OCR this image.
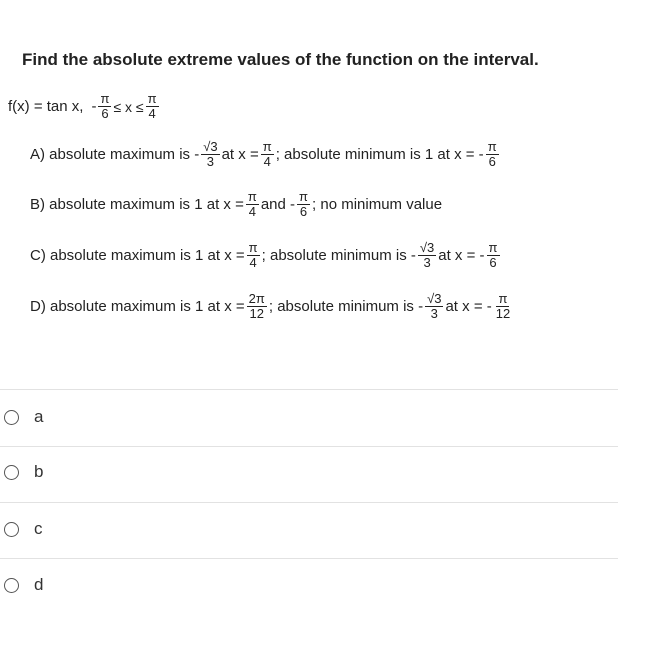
Find the absolute extreme values of the function on the interval.
f(x) = tan x, - $\frac{\pi}{6} \le x \le \frac{\pi}{4}$
A) absolute maximum is - $\frac{√3}{3}$ at $x = \frac{\pi}{4}$ ; absolute minimum is 1 at x = - $\frac{\pi}{6}$
B) absolute maximum is 1 at $x = \frac{\pi}{4}$ and - $\frac{\pi}{6}$ ; no minimum value
C) absolute maximum is 1 at $x = \frac{\pi}{4}$ ; absolute minimum is - $\frac{√3}{3}$ at x = - $\frac{\pi}{6}$
D) absolute maximum is 1 at $x = \frac{2\pi}{12}$ ; absolute minimum is - $\frac{√3}{3}$ at x = - $\frac{\pi}{12}$
a
b
c
d
